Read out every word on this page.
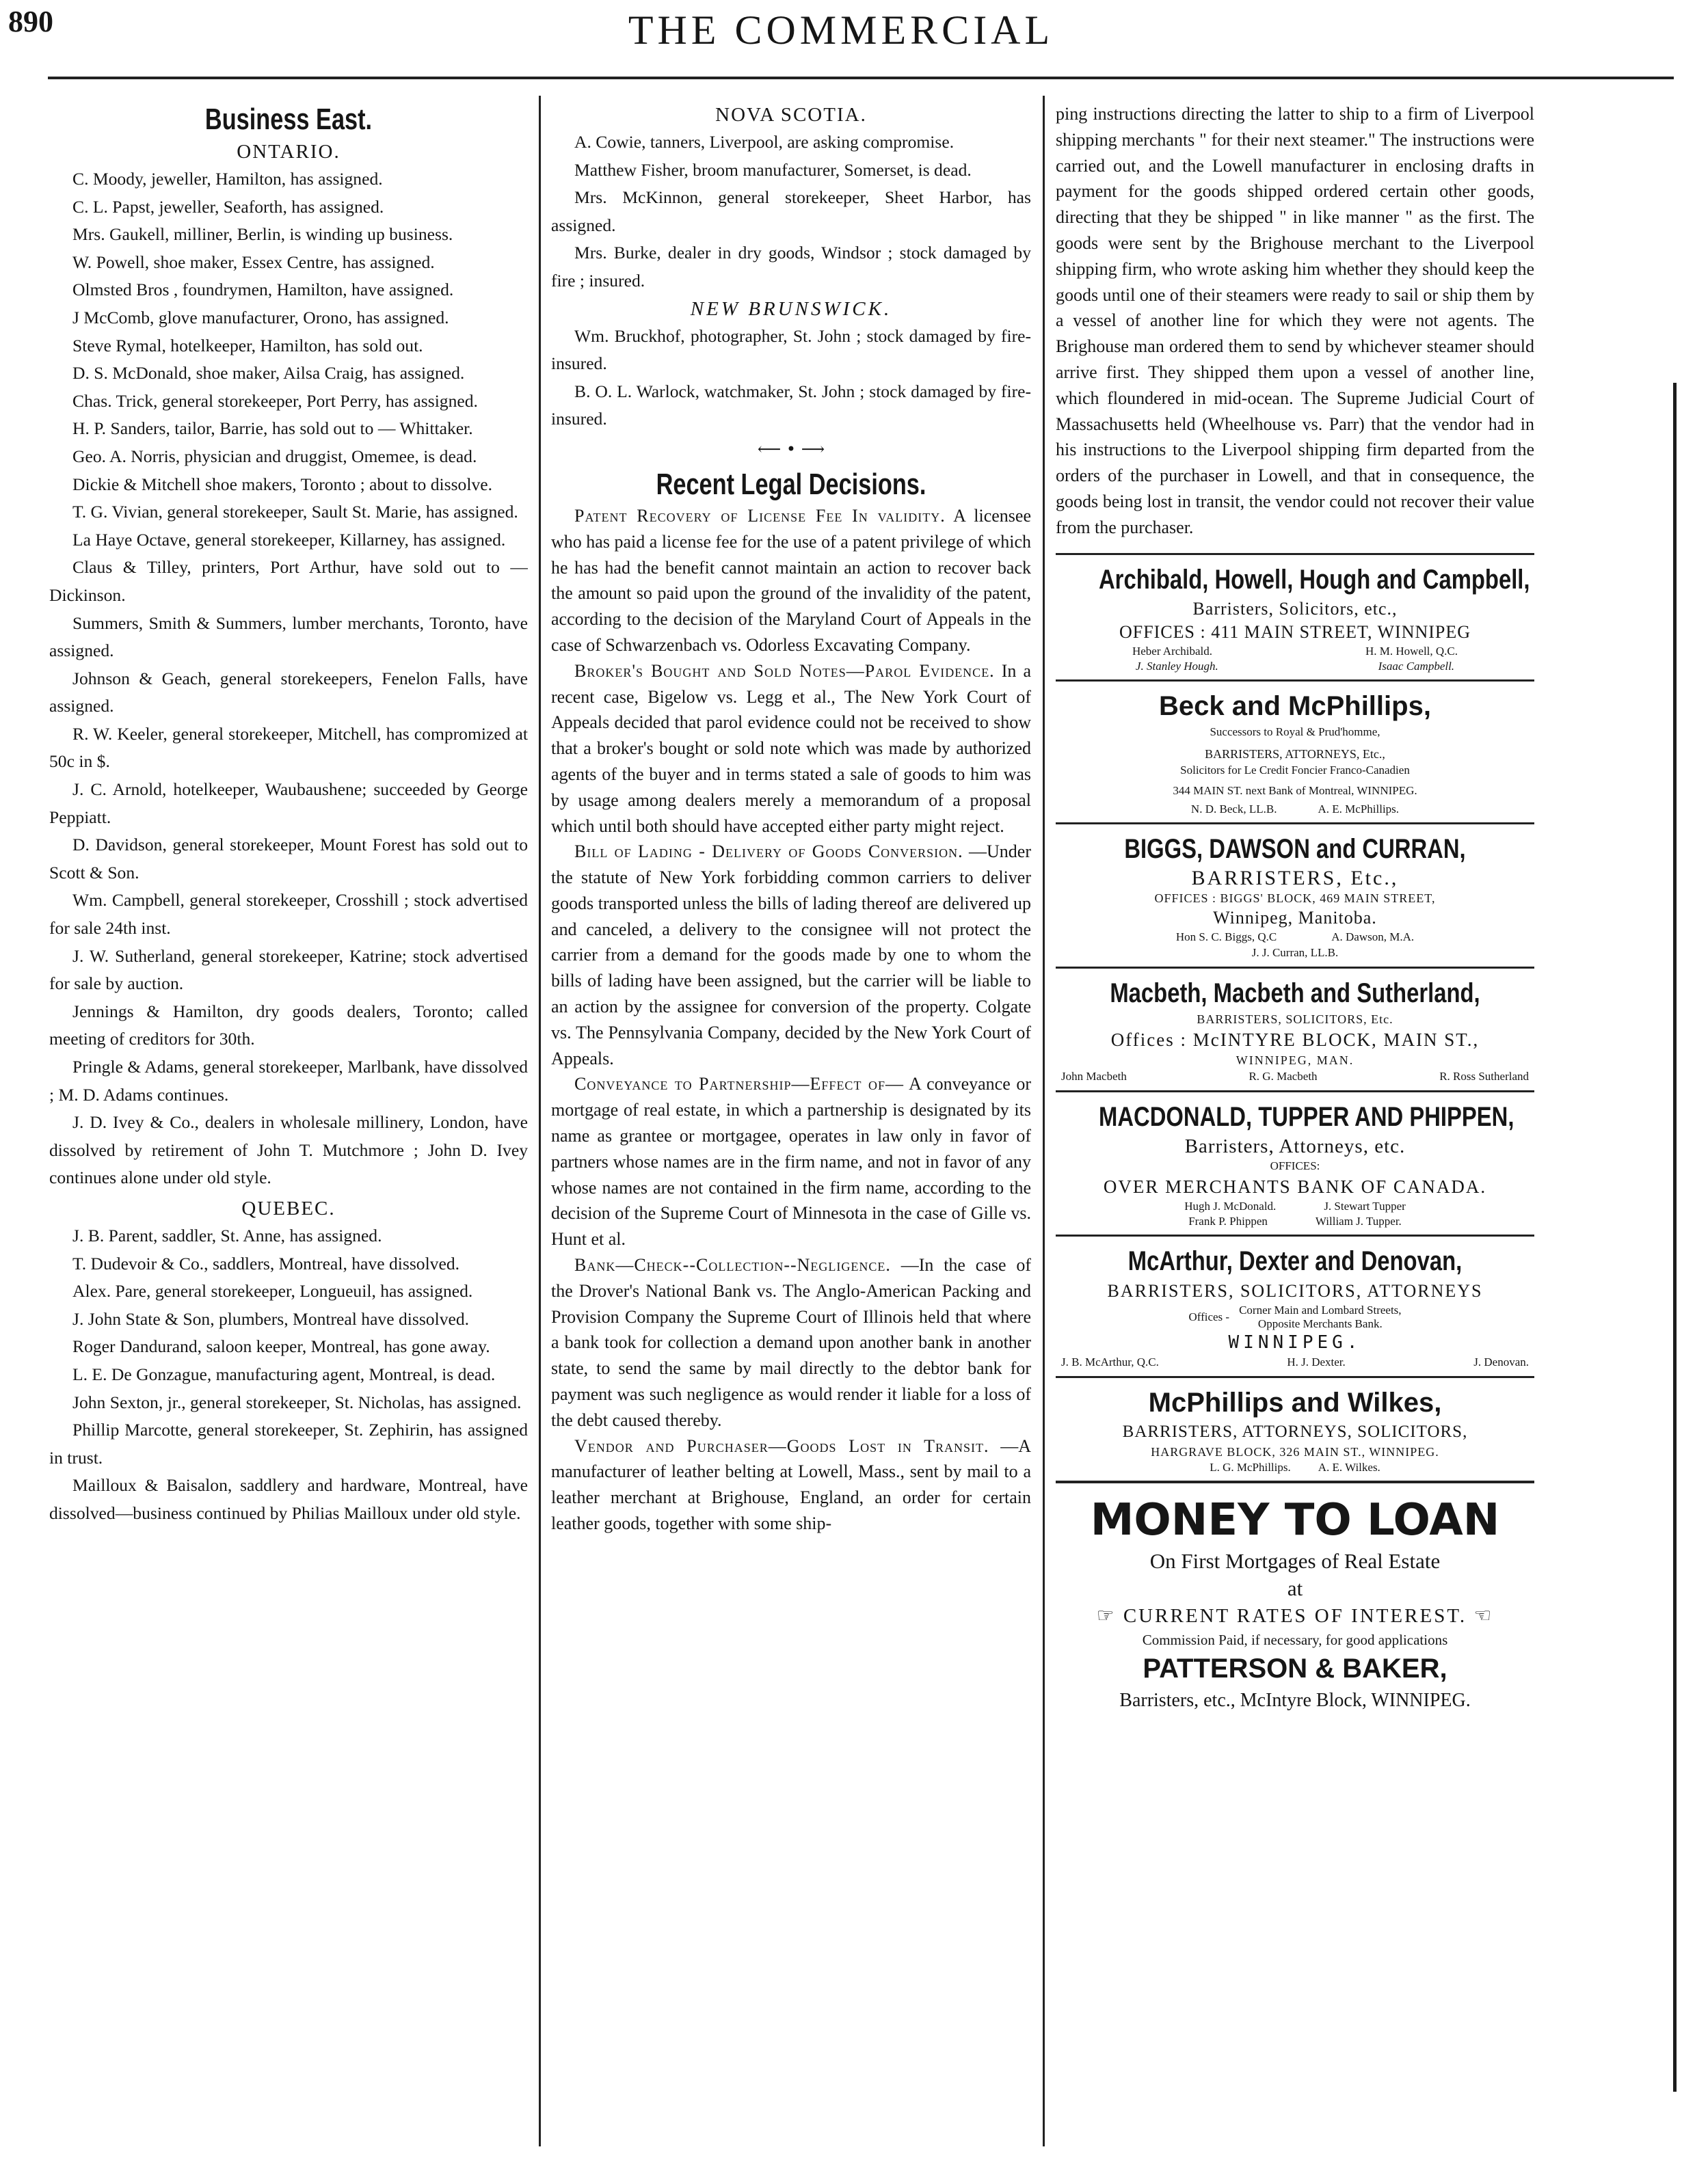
890	THE COMMERCIAL
Business East.
ONTARIO.

C. Moody, jeweller, Hamilton, has assigned.

C. L. Papst, jeweller, Seaforth, has assigned.

Mrs. Gaukell, milliner, Berlin, is winding up business.

W. Powell, shoe maker, Essex Centre, has assigned.

Olmsted Bros , foundrymen, Hamilton, have assigned.

J McComb, glove manufacturer, Orono, has assigned.

Steve Rymal, hotelkeeper, Hamilton, has sold out.

D. S. McDonald, shoe maker, Ailsa Craig, has assigned.

Chas. Trick, general storekeeper, Port Perry, has assigned.

H. P. Sanders, tailor, Barrie, has sold out to — Whittaker.

Geo. A. Norris, physician and druggist, Omemee, is dead.

Dickie & Mitchell shoe makers, Toronto ; about to dissolve.

T. G. Vivian, general storekeeper, Sault St. Marie, has assigned.

La Haye Octave, general storekeeper, Killarney, has assigned.

Claus & Tilley, printers, Port Arthur, have sold out to — Dickinson.

Summers, Smith & Summers, lumber merchants, Toronto, have assigned.

Johnson & Geach, general storekeepers, Fenelon Falls, have assigned.

R. W. Keeler, general storekeeper, Mitchell, has compromized at 50c in $.

J. C. Arnold, hotelkeeper, Waubaushene; succeeded by George Peppiatt.

D. Davidson, general storekeeper, Mount Forest has sold out to Scott & Son.

Wm. Campbell, general storekeeper, Crosshill ; stock advertised for sale 24th inst.

J. W. Sutherland, general storekeeper, Katrine; stock advertised for sale by auction.

Jennings & Hamilton, dry goods dealers, Toronto; called meeting of creditors for 30th.

Pringle & Adams, general storekeeper, Marlbank, have dissolved ; M. D. Adams continues.

J. D. Ivey & Co., dealers in wholesale millinery, London, have dissolved by retirement of John T. Mutchmore ; John D. Ivey continues alone under old style.

QUEBEC.

J. B. Parent, saddler, St. Anne, has assigned.

T. Dudevoir & Co., saddlers, Montreal, have dissolved.

Alex. Pare, general storekeeper, Longueuil, has assigned.

J. John State & Son, plumbers, Montreal have dissolved.

Roger Dandurand, saloon keeper, Montreal, has gone away.

L. E. De Gonzague, manufacturing agent, Montreal, is dead.

John Sexton, jr., general storekeeper, St. Nicholas, has assigned.

Phillip Marcotte, general storekeeper, St. Zephirin, has assigned in trust.

Mailloux & Baisalon, saddlery and hardware, Montreal, have dissolved—business continued by Philias Mailloux under old style.

NOVA SCOTIA.

A. Cowie, tanners, Liverpool, are asking compromise.

Matthew Fisher, broom manufacturer, Somerset, is dead.

Mrs. McKinnon, general storekeeper, Sheet Harbor, has assigned.

Mrs. Burke, dealer in dry goods, Windsor ; stock damaged by fire ; insured.

NEW BRUNSWICK.

Wm. Bruckhof, photographer, St. John ; stock damaged by fire- insured.

B. O. L. Warlock, watchmaker, St. John ; stock damaged by fire- insured.

⟵ • ⟶
Recent Legal Decisions.

Patent Recovery of License Fee In validity. A licensee who has paid a license fee for the use of a patent privilege of which he has had the benefit cannot maintain an action to recover back the amount so paid upon the ground of the invalidity of the patent, according to the decision of the Maryland Court of Appeals in the case of Schwarzenbach vs. Odorless Excavating Company.

Broker's Bought and Sold Notes—Parol Evidence. In a recent case, Bigelow vs. Legg et al., The New York Court of Appeals decided that parol evidence could not be received to show that a broker's bought or sold note which was made by authorized agents of the buyer and in terms stated a sale of goods to him was by usage among dealers merely a memorandum of a proposal which until both should have accepted either party might reject.

Bill of Lading - Delivery of Goods Conversion. —Under the statute of New York forbidding common carriers to deliver goods transported unless the bills of lading thereof are delivered up and canceled, a delivery to the consignee will not protect the carrier from a demand for the goods made by one to whom the bills of lading have been assigned, but the carrier will be liable to an action by the assignee for conversion of the property. Colgate vs. The Pennsylvania Company, decided by the New York Court of Appeals.

Conveyance to Partnership—Effect of— A conveyance or mortgage of real estate, in which a partnership is designated by its name as grantee or mortgagee, operates in law only in favor of partners whose names are in the firm name, and not in favor of any whose names are not contained in the firm name, according to the decision of the Supreme Court of Minnesota in the case of Gille vs. Hunt et al.

Bank—Check--Collection--Negligence. —In the case of the Drover's National Bank vs. The Anglo-American Packing and Provision Company the Supreme Court of Illinois held that where a bank took for collection a demand upon another bank in another state, to send the same by mail directly to the debtor bank for payment was such negligence as would render it liable for a loss of the debt caused thereby.

Vendor and Purchaser—Goods Lost in Transit. —A manufacturer of leather belting at Lowell, Mass., sent by mail to a leather merchant at Brighouse, England, an order for certain leather goods, together with some ship-

ping instructions directing the latter to ship to a firm of Liverpool shipping merchants " for their next steamer." The instructions were carried out, and the Lowell manufacturer in enclosing drafts in payment for the goods shipped ordered certain other goods, directing that they be shipped " in like manner " as the first. The goods were sent by the Brighouse merchant to the Liverpool shipping firm, who wrote asking him whether they should keep the goods until one of their steamers were ready to sail or ship them by a vessel of another line for which they were not agents. The Brighouse man ordered them to send by whichever steamer should arrive first. They shipped them upon a vessel of another line, which floundered in mid-ocean. The Supreme Judicial Court of Massachusetts held (Wheelhouse vs. Parr) that the vendor had in his instructions to the Liverpool shipping firm departed from the orders of the purchaser in Lowell, and that in consequence, the goods being lost in transit, the vendor could not recover their value from the purchaser.

Archibald, Howell, Hough and Campbell,
Barristers, Solicitors, etc.,
OFFICES : 411 MAIN STREET, WINNIPEG
Heber Archibald.	H. M. Howell, Q.C.
J. Stanley Hough.	Isaac Campbell.
Beck and McPhillips,
Successors to Royal & Prud'homme,
BARRISTERS, ATTORNEYS, Etc.,
Solicitors for Le Credit Foncier Franco-Canadien
344 MAIN ST. next Bank of Montreal, WINNIPEG.
N. D. Beck, LL.B.	A. E. McPhillips.
BIGGS, DAWSON and CURRAN,
BARRISTERS, Etc.,
OFFICES : BIGGS' BLOCK, 469 MAIN STREET,
Winnipeg, Manitoba.
Hon S. C. Biggs, Q.C	A. Dawson, M.A.
J. J. Curran, LL.B.
Macbeth, Macbeth and Sutherland,
BARRISTERS, SOLICITORS, Etc.
Offices : McINTYRE BLOCK, MAIN ST.,
WINNIPEG, MAN.
John Macbeth	R. G. Macbeth	R. Ross Sutherland
MACDONALD, TUPPER AND PHIPPEN,
Barristers, Attorneys, etc.
OFFICES:
OVER MERCHANTS BANK OF CANADA.
Hugh J. McDonald.	J. Stewart Tupper
Frank P. Phippen	William J. Tupper.
McArthur, Dexter and Denovan,
BARRISTERS, SOLICITORS, ATTORNEYS
Offices -
Corner Main and Lombard Streets,
Opposite Merchants Bank.
WINNIPEG.
J. B. McArthur, Q.C.	H. J. Dexter.	J. Denovan.
McPhillips and Wilkes,
BARRISTERS, ATTORNEYS, SOLICITORS,
HARGRAVE BLOCK, 326 MAIN ST., WINNIPEG.
L. G. McPhillips. A. E. Wilkes.
MONEY TO LOAN
On First Mortgages of Real Estate
at
☞ CURRENT RATES OF INTEREST. ☜
Commission Paid, if necessary, for good applications
PATTERSON & BAKER,
Barristers, etc., McIntyre Block, WINNIPEG.
